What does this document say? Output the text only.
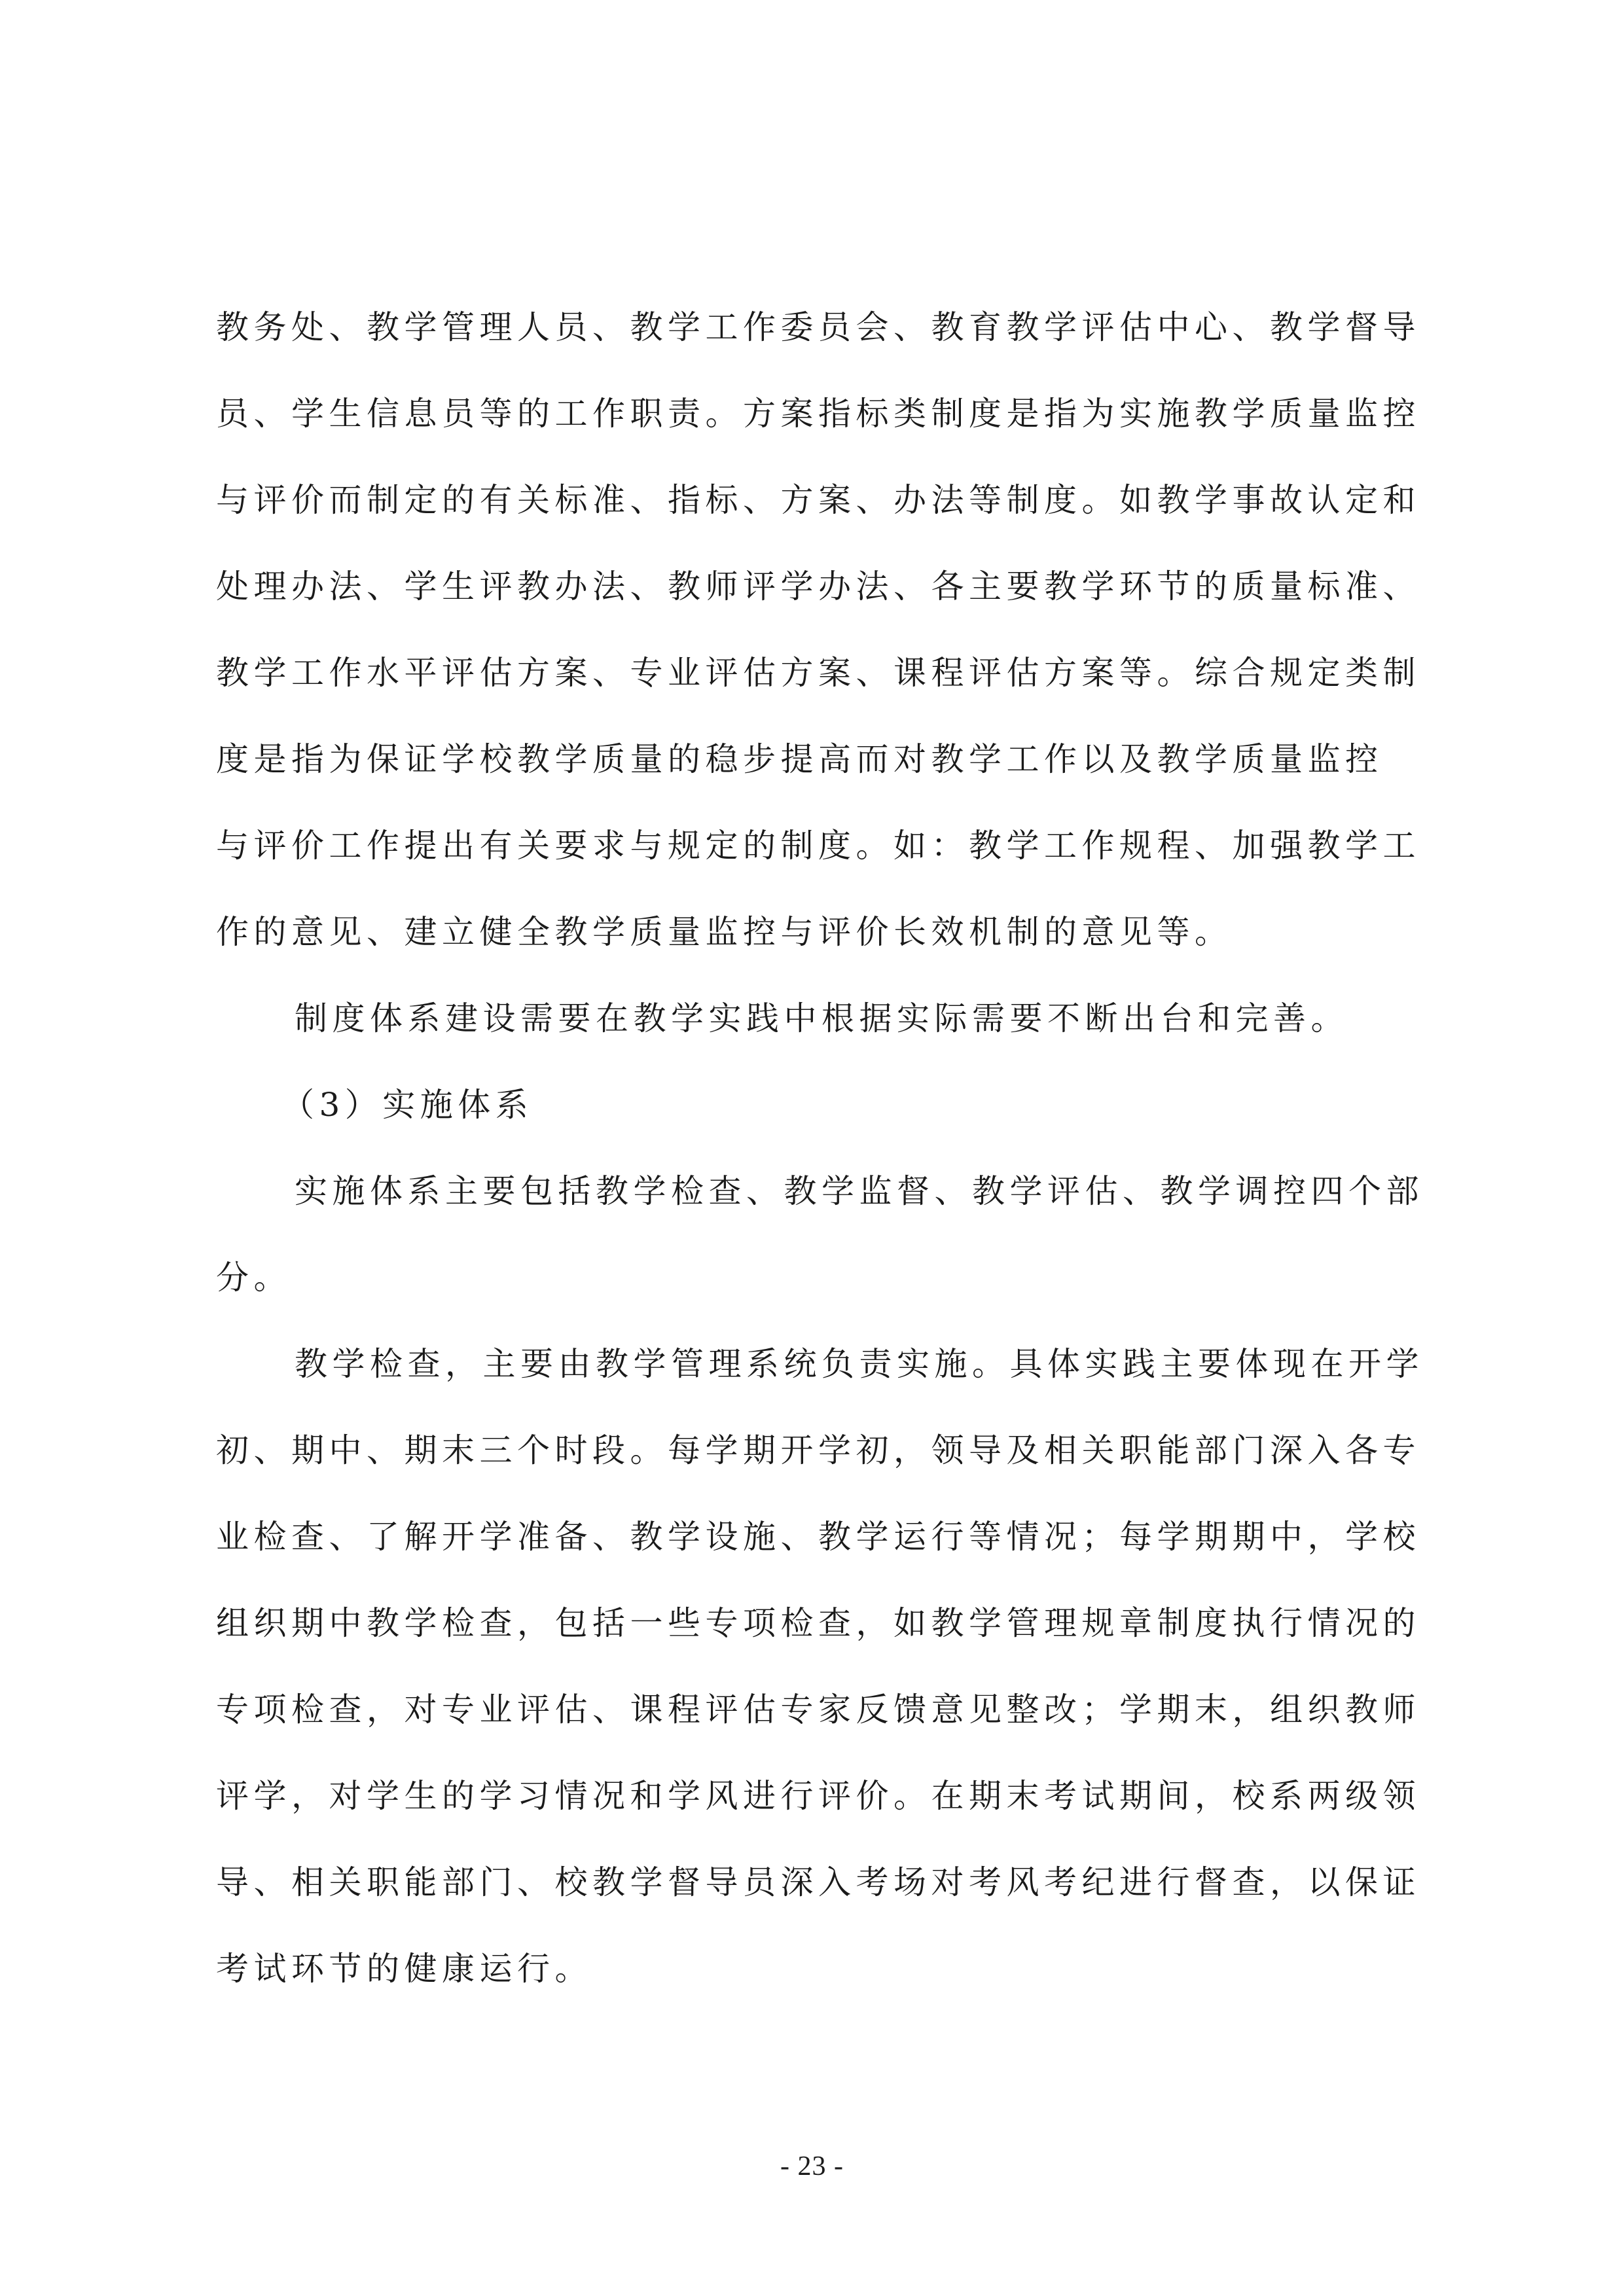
教务处、教学管理人员、教学工作委员会、教育教学评估中心、教学督导
员、学生信息员等的工作职责。方案指标类制度是指为实施教学质量监控
与评价而制定的有关标准、指标、方案、办法等制度。如教学事故认定和
处理办法、学生评教办法、教师评学办法、各主要教学环节的质量标准、
教学工作水平评估方案、专业评估方案、课程评估方案等。综合规定类制
度是指为保证学校教学质量的稳步提高而对教学工作以及教学质量监控
与评价工作提出有关要求与规定的制度。如：教学工作规程、加强教学工
作的意见、建立健全教学质量监控与评价长效机制的意见等。
制度体系建设需要在教学实践中根据实际需要不断出台和完善。
（3）实施体系
实施体系主要包括教学检查、教学监督、教学评估、教学调控四个部
分。
教学检查，主要由教学管理系统负责实施。具体实践主要体现在开学
初、期中、期末三个时段。每学期开学初，领导及相关职能部门深入各专
业检查、了解开学准备、教学设施、教学运行等情况；每学期期中，学校
组织期中教学检查，包括一些专项检查，如教学管理规章制度执行情况的
专项检查，对专业评估、课程评估专家反馈意见整改；学期末，组织教师
评学，对学生的学习情况和学风进行评价。在期末考试期间，校系两级领
导、相关职能部门、校教学督导员深入考场对考风考纪进行督查，以保证
考试环节的健康运行。
- 23 -
